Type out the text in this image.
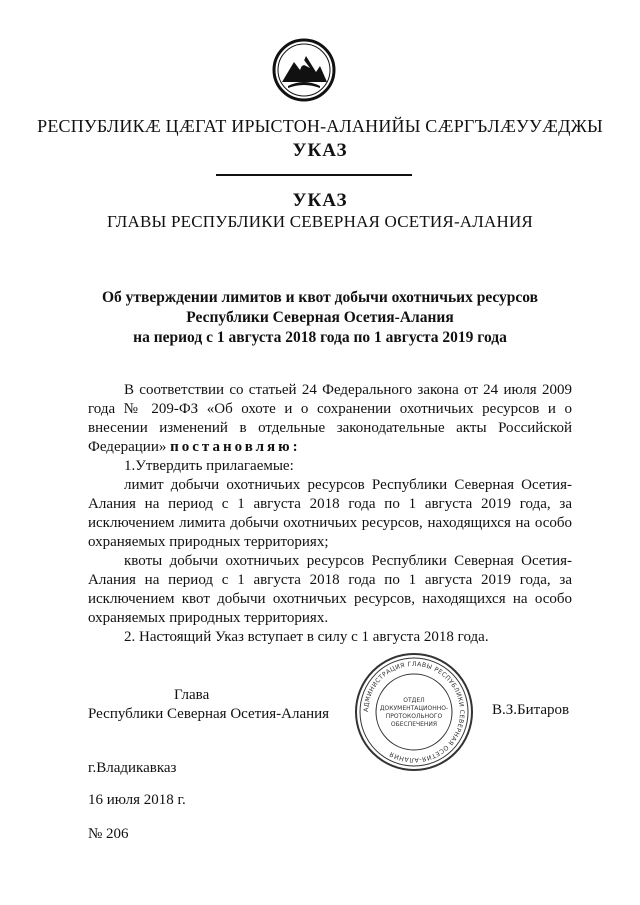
РЕСПУБЛИКÆ ЦÆГАТ ИРЫСТОН-АЛАНИЙЫ СÆРГЪЛÆУУÆДЖЫ
УКАЗ
УКАЗ
ГЛАВЫ РЕСПУБЛИКИ СЕВЕРНАЯ ОСЕТИЯ-АЛАНИЯ
Об утверждении лимитов и квот добычи охотничьих ресурсов
Республики Северная Осетия-Алания
на период с 1 августа 2018 года по 1 августа 2019 года

В соответствии со статьей 24 Федерального закона от 24 июля 2009 года № 209-ФЗ «Об охоте и о сохранении охотничьих ресурсов и о внесении изменений в отдельные законодательные акты Российской Федерации» постановляю:

1.Утвердить прилагаемые:

лимит добычи охотничьих ресурсов Республики Северная Осетия-Алания на период с 1 августа 2018 года по 1 августа 2019 года, за исключением лимита добычи охотничьих ресурсов, находящихся на особо охраняемых природных территориях;

квоты добычи охотничьих ресурсов Республики Северная Осетия-Алания на период с 1 августа 2018 года по 1 августа 2019 года, за исключением квот добычи охотничьих ресурсов, находящихся на особо охраняемых природных территориях.

2. Настоящий Указ вступает в силу с 1 августа 2018 года.

Глава
Республики Северная Осетия-Алания	АДМИНИСТРАЦИЯ ГЛАВЫ РЕСПУБЛИКИ СЕВЕРНАЯ ОСЕТИЯ-АЛАНИЯ
ОТДЕЛ
ДОКУМЕНТАЦИОННО-
ПРОТОКОЛЬНОГО
ОБЕСПЕЧЕНИЯ
В.З.Битаров
г.Владикавказ
16 июля 2018 г.
№ 206
